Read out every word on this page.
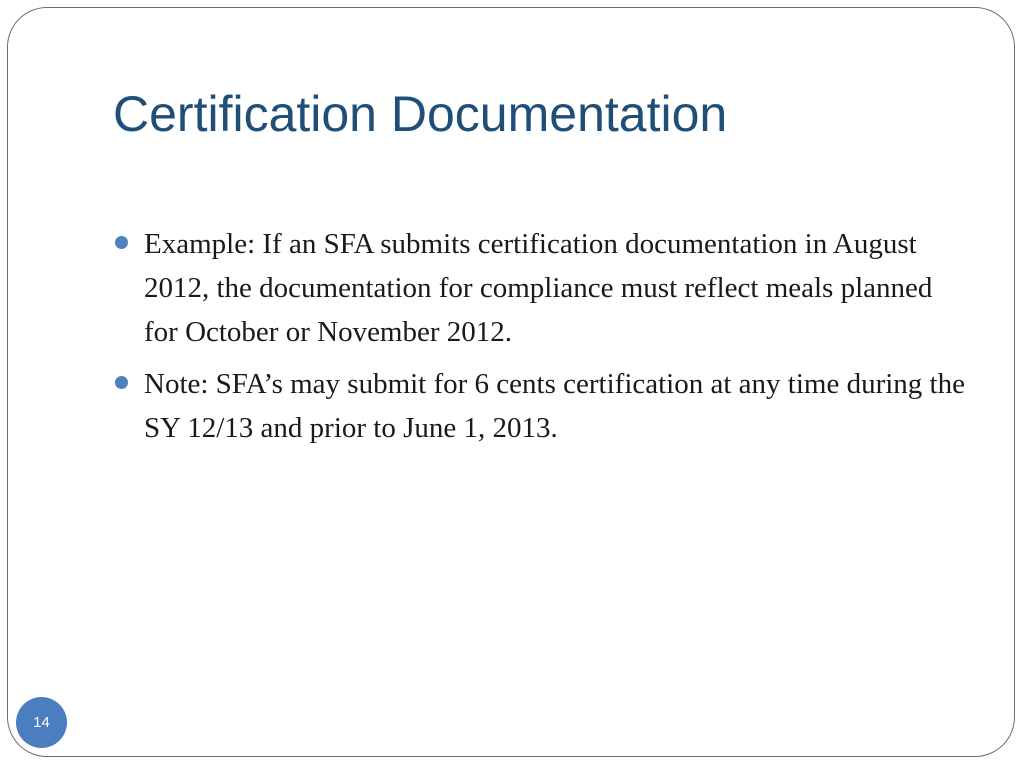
Certification Documentation
Example: If an SFA submits certification documentation in August 2012, the documentation for compliance must reflect meals planned for October or November 2012.
Note: SFA’s may submit for 6 cents certification at any time during the SY 12/13 and prior to June 1, 2013.
14
